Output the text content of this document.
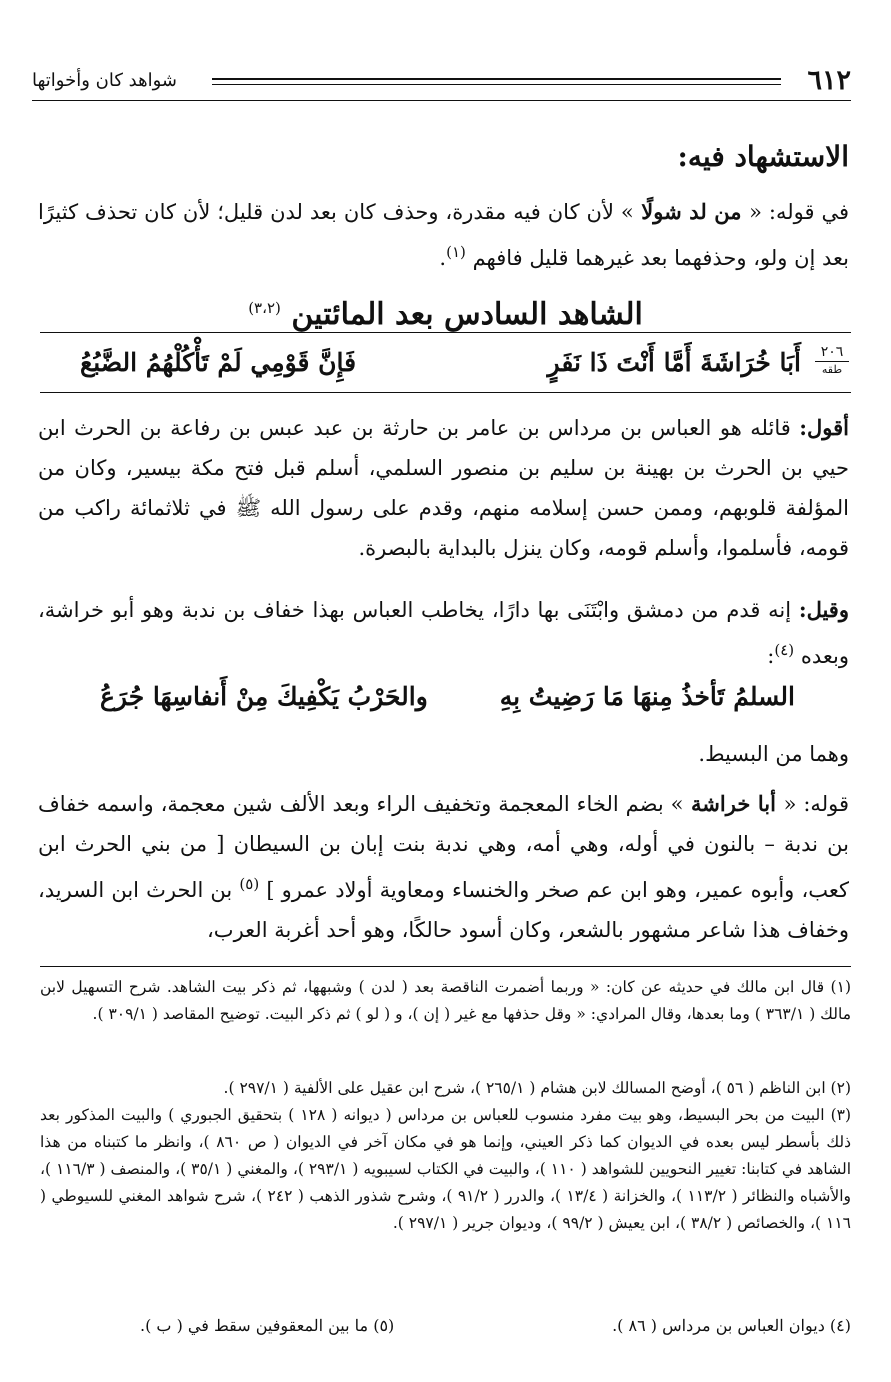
٦١٢
شواهد كان وأخواتها
الاستشهاد فيه:
في قوله: « من لد شولًا » لأن كان فيه مقدرة، وحذف كان بعد لدن قليل؛ لأن كان تحذف كثيرًا بعد إن ولو، وحذفهما بعد غيرهما قليل فافهم $^{(١)}$.
الشاهد السادس بعد المائتين $^{(٣،٢)}$
٢٠٦
طقه
أَبَا خُرَاشَةَ أَمَّا أَنْتَ ذَا نَفَرٍ
فَإِنَّ قَوْمِي لَمْ تَأْكُلْهُمُ الضَّبُعُ
أقول: قائله هو العباس بن مرداس بن عامر بن حارثة بن عبد عبس بن رفاعة بن الحرث ابن حيي بن الحرث بن بهينة بن سليم بن منصور السلمي، أسلم قبل فتح مكة بيسير، وكان من المؤلفة قلوبهم، وممن حسن إسلامه منهم، وقدم على رسول الله ﷺ في ثلاثمائة راكب من قومه، فأسلموا، وأسلم قومه، وكان ينزل بالبداية بالبصرة.
وقيل: إنه قدم من دمشق وابْتَنَى بها دارًا، يخاطب العباس بهذا خفاف بن ندبة وهو أبو خراشة، وبعده $^{(٤)}$:
السلمُ تَأخذُ مِنهَا مَا رَضِيتُ بِهِ
والحَرْبُ يَكْفِيكَ مِنْ أَنفاسِهَا جُرَعُ
وهما من البسيط.
قوله: « أبا خراشة » بضم الخاء المعجمة وتخفيف الراء وبعد الألف شين معجمة، واسمه خفاف بن ندبة – بالنون في أوله، وهي أمه، وهي ندبة بنت إبان بن السيطان [ من بني الحرث ابن كعب، وأبوه عمير، وهو ابن عم صخر والخنساء ومعاوية أولاد عمرو ] $^{(٥)}$ بن الحرث ابن السريد، وخفاف هذا شاعر مشهور بالشعر، وكان أسود حالكًا، وهو أحد أغربة العرب،
(١) قال ابن مالك في حديثه عن كان: « وربما أضمرت الناقصة بعد ( لدن ) وشبهها، ثم ذكر بيت الشاهد. شرح التسهيل لابن مالك ( ٣٦٣/١ ) وما بعدها، وقال المرادي: « وقل حذفها مع غير ( إن )، و ( لو ) ثم ذكر البيت. توضيح المقاصد ( ٣٠٩/١ ).
(٢) ابن الناظم ( ٥٦ )، أوضح المسالك لابن هشام ( ٢٦٥/١ )، شرح ابن عقيل على الألفية ( ٢٩٧/١ ).
(٣) البيت من بحر البسيط، وهو بيت مفرد منسوب للعباس بن مرداس ( ديوانه ( ١٢٨ ) بتحقيق الجبوري ) والبيت المذكور بعد ذلك بأسطر ليس بعده في الديوان كما ذكر العيني، وإنما هو في مكان آخر في الديوان ( ص ٨٦٠ )، وانظر ما كتبناه من هذا الشاهد في كتابنا: تغيير النحويين للشواهد ( ١١٠ )، والبيت في الكتاب لسيبويه ( ٢٩٣/١ )، والمغني ( ٣٥/١ )، والمنصف ( ١١٦/٣ )، والأشباه والنظائر ( ١١٣/٢ )، والخزانة ( ١٣/٤ )، والدرر ( ٩١/٢ )، وشرح شذور الذهب ( ٢٤٢ )، شرح شواهد المغني للسيوطي ( ١١٦ )، والخصائص ( ٣٨/٢ )، ابن يعيش ( ٩٩/٢ )، وديوان جرير ( ٢٩٧/١ ).
(٤) ديوان العباس بن مرداس ( ٨٦ ).
(٥) ما بين المعقوفين سقط في ( ب ).
